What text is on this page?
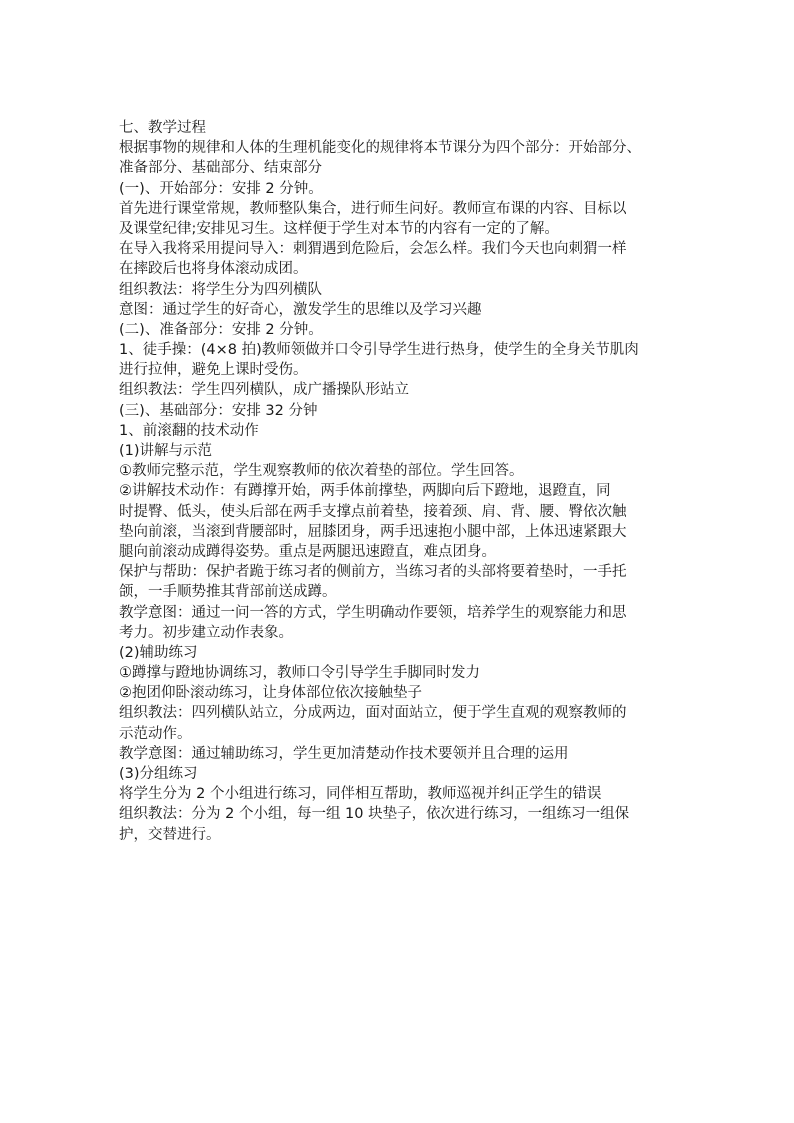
七、教学过程
根据事物的规律和人体的生理机能变化的规律将本节课分为四个部分：开始部分、
准备部分、基础部分、结束部分
(一)、开始部分：安排 2 分钟。
首先进行课堂常规，教师整队集合，进行师生问好。教师宣布课的内容、目标以
及课堂纪律;安排见习生。这样便于学生对本节的内容有一定的了解。
在导入我将采用提问导入：刺猬遇到危险后，会怎么样。我们今天也向刺猬一样
在摔跤后也将身体滚动成团。
组织教法：将学生分为四列横队
意图：通过学生的好奇心，激发学生的思维以及学习兴趣
(二)、准备部分：安排 2 分钟。
1、徒手操：(4×8 拍)教师领做并口令引导学生进行热身，使学生的全身关节肌肉
进行拉伸，避免上课时受伤。
组织教法：学生四列横队，成广播操队形站立
(三)、基础部分：安排 32 分钟
1、前滚翻的技术动作
(1)讲解与示范
①教师完整示范，学生观察教师的依次着垫的部位。学生回答。
②讲解技术动作：有蹲撑开始，两手体前撑垫，两脚向后下蹬地，退蹬直，同
时提臀、低头，使头后部在两手支撑点前着垫，接着颈、肩、背、腰、臀依次触
垫向前滚，当滚到背腰部时，屈膝团身，两手迅速抱小腿中部，上体迅速紧跟大
腿向前滚动成蹲得姿势。重点是两腿迅速蹬直，难点团身。
保护与帮助：保护者跪于练习者的侧前方，当练习者的头部将要着垫时，一手托
颌，一手顺势推其背部前送成蹲。
教学意图：通过一问一答的方式，学生明确动作要领，培养学生的观察能力和思
考力。初步建立动作表象。
(2)辅助练习
①蹲撑与蹬地协调练习，教师口令引导学生手脚同时发力
②抱团仰卧滚动练习，让身体部位依次接触垫子
组织教法：四列横队站立，分成两边，面对面站立，便于学生直观的观察教师的
示范动作。
教学意图：通过辅助练习，学生更加清楚动作技术要领并且合理的运用
(3)分组练习
将学生分为 2 个小组进行练习，同伴相互帮助，教师巡视并纠正学生的错误
组织教法：分为 2 个小组，每一组 10 块垫子，依次进行练习，一组练习一组保
护，交替进行。
